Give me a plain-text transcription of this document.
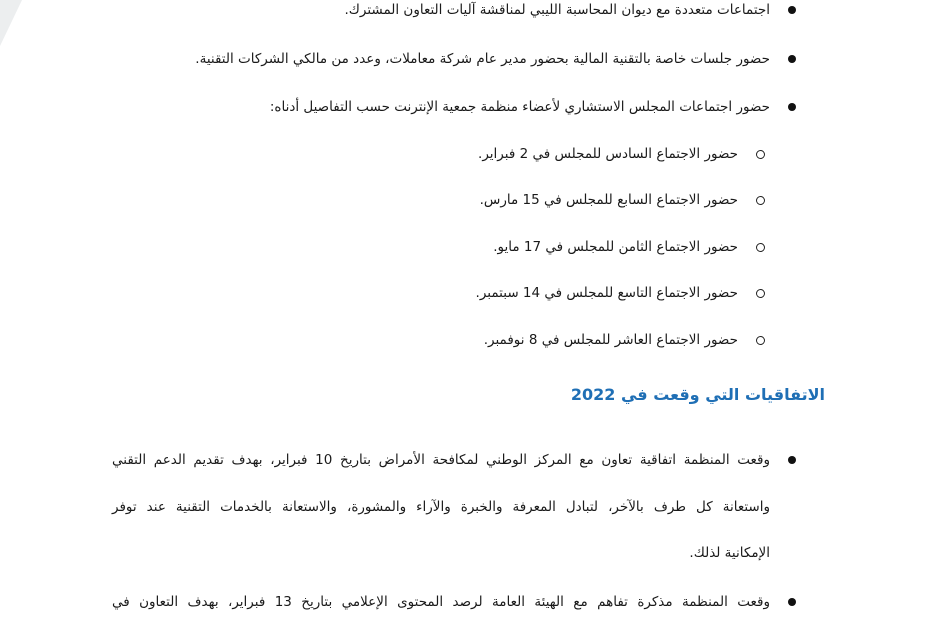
اجتماعات متعددة مع ديوان المحاسبة الليبي لمناقشة آليات التعاون المشترك.
حضور جلسات خاصة بالتقنية المالية بحضور مدير عام شركة معاملات، وعدد من مالكي الشركات التقنية.
حضور اجتماعات المجلس الاستشاري لأعضاء منظمة جمعية الإنترنت حسب التفاصيل أدناه:
حضور الاجتماع السادس للمجلس في 2 فبراير.
حضور الاجتماع السابع للمجلس في 15 مارس.
حضور الاجتماع الثامن للمجلس في 17 مايو.
حضور الاجتماع التاسع للمجلس في 14 سبتمبر.
حضور الاجتماع العاشر للمجلس في 8 نوفمبر.
الاتفاقيات التي وقعت في 2022
وقعت المنظمة اتفاقية تعاون مع المركز الوطني لمكافحة الأمراض بتاريخ 10 فبراير، بهدف تقديم الدعم التقني
واستعانة كل طرف بالآخر، لتبادل المعرفة والخبرة والآراء والمشورة، والاستعانة بالخدمات التقنية عند توفر
الإمكانية لذلك.
وقعت المنظمة مذكرة تفاهم مع الهيئة العامة لرصد المحتوى الإعلامي بتاريخ 13 فبراير، بهدف التعاون في
